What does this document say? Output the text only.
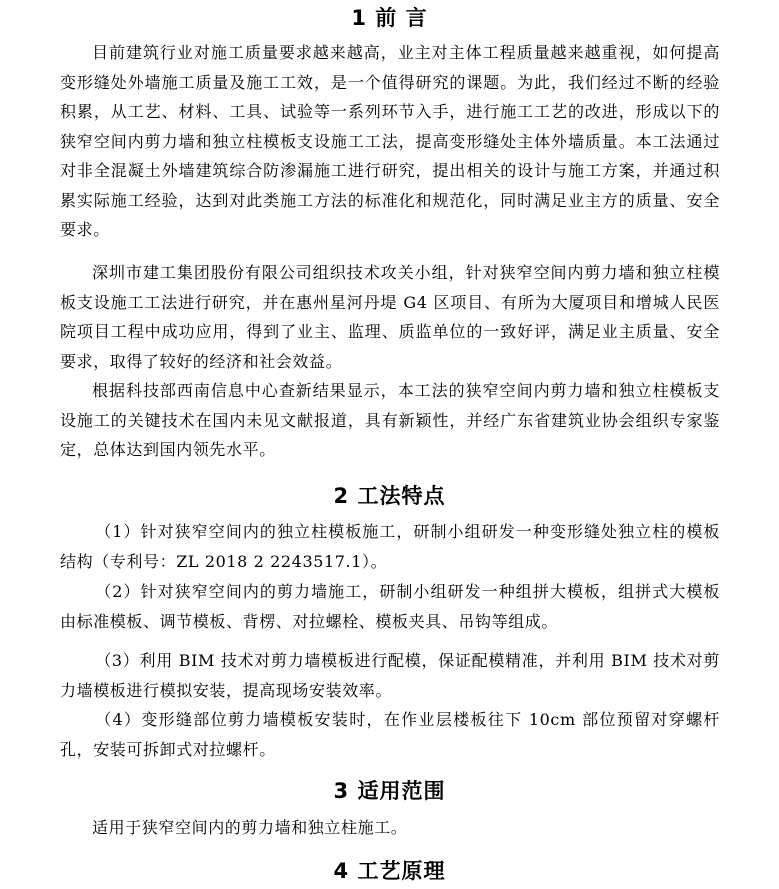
1 前 言

目前建筑行业对施工质量要求越来越高，业主对主体工程质量越来越重视，如何提高变形缝处外墙施工质量及施工工效，是一个值得研究的课题。为此，我们经过不断的经验积累，从工艺、材料、工具、试验等一系列环节入手，进行施工工艺的改进，形成以下的狭窄空间内剪力墙和独立柱模板支设施工工法，提高变形缝处主体外墙质量。本工法通过对非全混凝土外墙建筑综合防渗漏施工进行研究，提出相关的设计与施工方案，并通过积累实际施工经验，达到对此类施工方法的标准化和规范化，同时满足业主方的质量、安全要求。

深圳市建工集团股份有限公司组织技术攻关小组，针对狭窄空间内剪力墙和独立柱模板支设施工工法进行研究，并在惠州星河丹堤 G4 区项目、有所为大厦项目和增城人民医院项目工程中成功应用，得到了业主、监理、质监单位的一致好评，满足业主质量、安全要求，取得了较好的经济和社会效益。

根据科技部西南信息中心查新结果显示，本工法的狭窄空间内剪力墙和独立柱模板支设施工的关键技术在国内未见文献报道，具有新颖性，并经广东省建筑业协会组织专家鉴定，总体达到国内领先水平。

2 工法特点

（1）针对狭窄空间内的独立柱模板施工，研制小组研发一种变形缝处独立柱的模板结构（专利号：ZL 2018 2 2243517.1）。

（2）针对狭窄空间内的剪力墙施工，研制小组研发一种组拼大模板，组拼式大模板由标准模板、调节模板、背楞、对拉螺栓、模板夹具、吊钩等组成。

（3）利用 BIM 技术对剪力墙模板进行配模，保证配模精准，并利用 BIM 技术对剪力墙模板进行模拟安装，提高现场安装效率。

（4）变形缝部位剪力墙模板安装时，在作业层楼板往下 10cm 部位预留对穿螺杆孔，安装可拆卸式对拉螺杆。

3 适用范围

适用于狭窄空间内的剪力墙和独立柱施工。

4 工艺原理
